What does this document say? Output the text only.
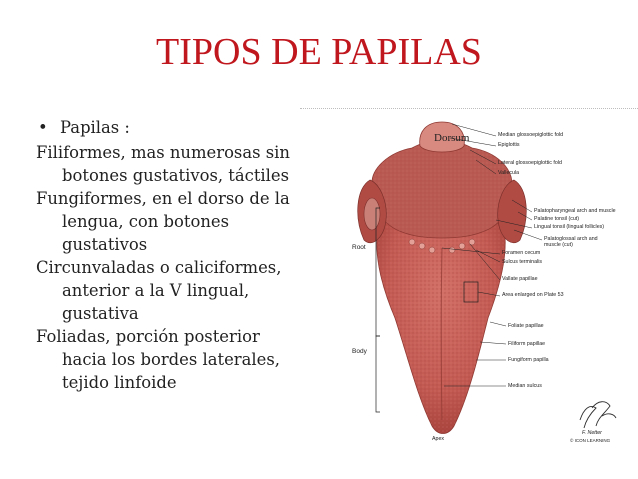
TIPOS DE PAPILAS
• Papilas :
Filiformes, mas numerosas sin
botones gustativos, táctiles
Fungiformes, en el dorso de la
lengua, con botones gustativos
Circunvaladas o caliciformes,
anterior a la V lingual, gustativa
Foliadas, porción posterior
hacia los bordes laterales, tejido linfoide
Dorsum
Root
Body
Apex
Median glossoepiglottic fold
Epiglottis
Lateral glossoepiglottic fold
Vallecula
Palatopharyngeal arch and muscle
Palatine tonsil (cut)
Lingual tonsil (lingual follicles)
Palatoglossal arch and muscle (cut)
Foramen cecum
Sulcus terminalis
Vallate papillae
Area enlarged on Plate 53
Foliate papillae
Filiform papillae
Fungiform papilla
Median sulcus
F. Netter
© ICON LEARNING
